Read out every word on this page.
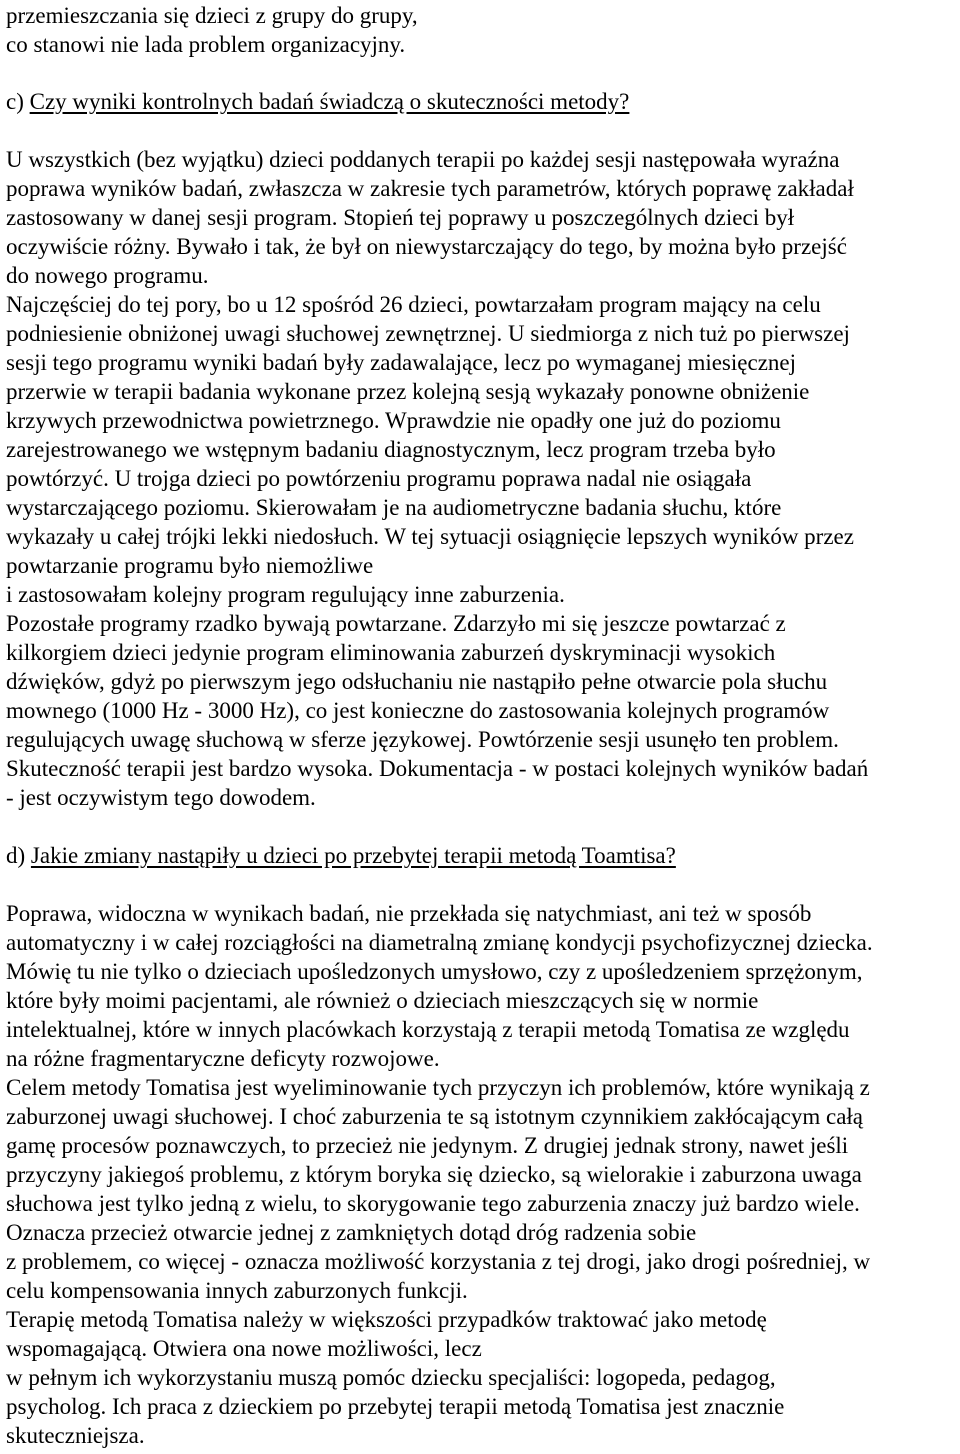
przemieszczania się dzieci z grupy do grupy,

co stanowi nie lada problem organizacyjny.

c) Czy wyniki kontrolnych badań świadczą o skuteczności metody?

U wszystkich (bez wyjątku) dzieci poddanych terapii po każdej sesji następowała wyraźna

poprawa wyników badań, zwłaszcza w zakresie tych parametrów, których poprawę zakładał

zastosowany w danej sesji program. Stopień tej poprawy u poszczególnych dzieci był

oczywiście różny. Bywało i tak, że był on niewystarczający do tego, by można było przejść

do nowego programu.

Najczęściej do tej pory, bo u 12 spośród 26 dzieci, powtarzałam program mający na celu

podniesienie obniżonej uwagi słuchowej zewnętrznej. U siedmiorga z nich tuż po pierwszej

sesji tego programu wyniki badań były zadawalające, lecz po wymaganej miesięcznej

przerwie w terapii badania wykonane przez kolejną sesją wykazały ponowne obniżenie

krzywych przewodnictwa powietrznego. Wprawdzie nie opadły one już do poziomu

zarejestrowanego we wstępnym badaniu diagnostycznym, lecz program trzeba było

powtórzyć. U trojga dzieci po powtórzeniu programu poprawa nadal nie osiągała

wystarczającego poziomu. Skierowałam je na audiometryczne badania słuchu, które

wykazały u całej trójki lekki niedosłuch. W tej sytuacji osiągnięcie lepszych wyników przez

powtarzanie programu było niemożliwe

i zastosowałam kolejny program regulujący inne zaburzenia.

Pozostałe programy rzadko bywają powtarzane. Zdarzyło mi się jeszcze powtarzać z

kilkorgiem dzieci jedynie program eliminowania zaburzeń dyskryminacji wysokich

dźwięków, gdyż po pierwszym jego odsłuchaniu nie nastąpiło pełne otwarcie pola słuchu

mownego (1000 Hz - 3000 Hz), co jest konieczne do zastosowania kolejnych programów

regulujących uwagę słuchową w sferze językowej. Powtórzenie sesji usunęło ten problem.

Skuteczność terapii jest bardzo wysoka. Dokumentacja - w postaci kolejnych wyników badań

- jest oczywistym tego dowodem.

d) Jakie zmiany nastąpiły u dzieci po przebytej terapii metodą Toamtisa?

Poprawa, widoczna w wynikach badań, nie przekłada się natychmiast, ani też w sposób

automatyczny i w całej rozciągłości na diametralną zmianę kondycji psychofizycznej dziecka.

Mówię tu nie tylko o dzieciach upośledzonych umysłowo, czy z upośledzeniem sprzężonym,

które były moimi pacjentami, ale również o dzieciach mieszczących się w normie

intelektualnej, które w innych placówkach korzystają z terapii metodą Tomatisa ze względu

na różne fragmentaryczne deficyty rozwojowe.

Celem metody Tomatisa jest wyeliminowanie tych przyczyn ich problemów, które wynikają z

zaburzonej uwagi słuchowej. I choć zaburzenia te są istotnym czynnikiem zakłócającym całą

gamę procesów poznawczych, to przecież nie jedynym. Z drugiej jednak strony, nawet jeśli

przyczyny jakiegoś problemu, z którym boryka się dziecko, są wielorakie i zaburzona uwaga

słuchowa jest tylko jedną z wielu, to skorygowanie tego zaburzenia znaczy już bardzo wiele.

Oznacza przecież otwarcie jednej z zamkniętych dotąd dróg radzenia sobie

z problemem, co więcej - oznacza możliwość korzystania z tej drogi, jako drogi pośredniej, w

celu kompensowania innych zaburzonych funkcji.

Terapię metodą Tomatisa należy w większości przypadków traktować jako metodę

wspomagającą. Otwiera ona nowe możliwości, lecz

w pełnym ich wykorzystaniu muszą pomóc dziecku specjaliści: logopeda, pedagog,

psycholog. Ich praca z dzieckiem po przebytej terapii metodą Tomatisa jest znacznie

skuteczniejsza.
